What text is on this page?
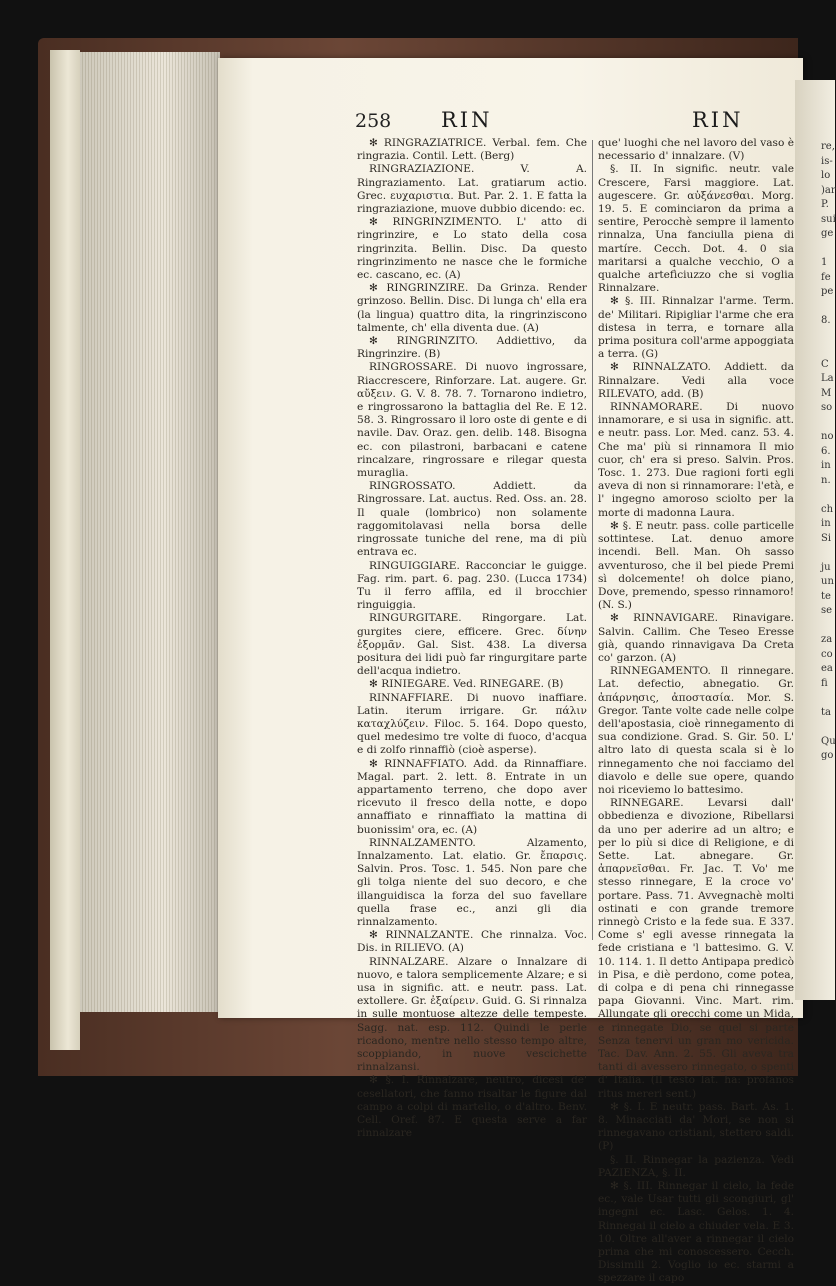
re,
is-
lo
)ar
P.
sui
ge

1
fe
pe

8.

C
La
M
so

no
6.
in
n.

ch
in
Si

ju
un
te
se

za
co
ea
fi

ta

Qu
go
258 RIN	RIN

✻ RINGRAZIATRICE. Verbal. fem. Che ringrazia. Contil. Lett. (Berg)

RINGRAZIAZIONE. V. A. Ringraziamento. Lat. gratiarum actio. Grec. ευχαριστια. But. Par. 2. 1. E fatta la ringraziazione, muove dubbio dicendo: ec.

✻ RINGRINZIMENTO. L' atto di ringrinzire, e Lo stato della cosa ringrinzita. Bellin. Disc. Da questo ringrinzimento ne nasce che le formiche ec. cascano, ec. (A)

✻ RINGRINZIRE. Da Grinza. Render grinzoso. Bellin. Disc. Di lunga ch' ella era (la lingua) quattro dita, la ringrinziscono talmente, ch' ella diventa due. (A)

✻ RINGRINZITO. Addiettivo, da Ringrinzire. (B)

RINGROSSARE. Di nuovo ingrossare, Riaccrescere, Rinforzare. Lat. augere. Gr. αὔξειν. G. V. 8. 78. 7. Tornarono indietro, e ringrossarono la battaglia del Re. E 12. 58. 3. Ringrossaro il loro oste di gente e di navile. Dav. Oraz. gen. delib. 148. Bisogna ec. con pilastroni, barbacani e catene rincalzare, ringrossare e rilegar questa muraglia.

RINGROSSATO. Addiett. da Ringrossare. Lat. auctus. Red. Oss. an. 28. Il quale (lombrico) non solamente raggomitolavasi nella borsa delle ringrossate tuniche del rene, ma di più entrava ec.

RINGUIGGIARE. Racconciar le guigge. Fag. rim. part. 6. pag. 230. (Lucca 1734) Tu il ferro affila, ed il brocchier ringuiggia.

RINGURGITARE. Ringorgare. Lat. gurgites ciere, efficere. Grec. δίνην ἐξορμᾶν. Gal. Sist. 438. La diversa positura dei lidi può far ringurgitare parte dell'acqua indietro.

✻ RINIEGARE. Ved. RINEGARE. (B)

RINNAFFIARE. Di nuovo inaffiare. Latin. iterum irrigare. Gr. πάλιν καταχλύζειν. Filoc. 5. 164. Dopo questo, quel medesimo tre volte di fuoco, d'acqua e di zolfo rinnaffiò (cioè asperse).

✻ RINNAFFIATO. Add. da Rinnaffiare. Magal. part. 2. lett. 8. Entrate in un appartamento terreno, che dopo aver ricevuto il fresco della notte, e dopo annaffiato e rinnaffiato la mattina di buonissim' ora, ec. (A)

RINNALZAMENTO. Alzamento, Innalzamento. Lat. elatio. Gr. ἔπαρσις. Salvin. Pros. Tosc. 1. 545. Non pare che gli tolga niente del suo decoro, e che illanguidisca la forza del suo favellare quella frase ec., anzi gli dia rinnalzamento.

✻ RINNALZANTE. Che rinnalza. Voc. Dis. in RILIEVO. (A)

RINNALZARE. Alzare o Innalzare di nuovo, e talora semplicemente Alzare; e si usa in signific. att. e neutr. pass. Lat. extollere. Gr. ἐξαίρειν. Guid. G. Si rinnalza in sulle montuose altezze delle tempeste. Sagg. nat. esp. 112. Quindi le perle ricadono, mentre nello stesso tempo altre, scoppiando, in nuove vescichette rinnalzansi.

✻ §. I. Rinnalzare, neutro, dicesi de' cesellatori, che fanno risaltar le figure dal campo a colpi di martello, o d'altro. Benv. Cell. Oref. 87. E questa serve a far rinnalzare

que' luoghi che nel lavoro del vaso è necessario d' innalzare. (V)

§. II. In signific. neutr. vale Crescere, Farsi maggiore. Lat. augescere. Gr. αὐξάνεσθαι. Morg. 19. 5. E cominciaron da prima a sentire, Perocchè sempre il lamento rinnalza, Una fanciulla piena di martíre. Cecch. Dot. 4. 0 sia maritarsi a qualche vecchio, O a qualche artefìciuzzo che si voglia Rinnalzare.

✻ §. III. Rinnalzar l'arme. Term. de' Militari. Ripigliar l'arme che era distesa in terra, e tornare alla prima positura coll'arme appoggiata a terra. (G)

✻ RINNALZATO. Addiett. da Rinnalzare. Vedi alla voce RILEVATO, add. (B)

RINNAMORARE. Di nuovo innamorare, e si usa in signific. att. e neutr. pass. Lor. Med. canz. 53. 4. Che ma' più si rinnamora Il mio cuor, ch' era si preso. Salvin. Pros. Tosc. 1. 273. Due ragioni forti egli aveva di non si rinnamorare: l'età, e l' ingegno amoroso sciolto per la morte di madonna Laura.

✻ §. E neutr. pass. colle particelle sottintese. Lat. denuo amore incendi. Bell. Man. Oh sasso avventuroso, che il bel piede Premi sì dolcemente! oh dolce piano, Dove, premendo, spesso rinnamoro! (N. S.)

✻ RINNAVIGARE. Rinavigare. Salvin. Callim. Che Teseo Eresse già, quando rinnavigava Da Creta co' garzon. (A)

RINNEGAMENTO. Il rinnegare. Lat. defectio, abnegatio. Gr. ἀπάρνησις, ἀποστασία. Mor. S. Gregor. Tante volte cade nelle colpe dell'apostasia, cioè rinnegamento di sua condizione. Grad. S. Gir. 50. L' altro lato di questa scala si è lo rinnegamento che noi facciamo del diavolo e delle sue opere, quando noi riceviemo lo battesimo.

RINNEGARE. Levarsi dall' obbedienza e divozione, Ribellarsi da uno per aderire ad un altro; e per lo più si dice di Religione, e di Sette. Lat. abnegare. Gr. ἀπαρνεῖσθαι. Fr. Jac. T. Vo' me stesso rinnegare, E la croce vo' portare. Pass. 71. Avvegnachè molti ostinati e con grande tremore rinnegò Cristo e la fede sua. E 337. Come s' egli avesse rinnegata la fede cristiana e 'l battesimo. G. V. 10. 114. 1. Il detto Antipapa predicò in Pisa, e diè perdono, come potea, di colpa e di pena chi rinnegasse papa Giovanni. Vinc. Mart. rim. Allungate gli orecchi come un Mida, e rinnegate Dio, se quel si parte Senza tenervi un gran mo vericida. Tac. Dav. Ann. 2. 55. Gli aveva tra tanti di avessero rinnegato, o spenti d' Italia. (Il testo lat. ha: profanos ritus mereri sent.)

✻ §. I. E neutr. pass. Bart. As. 1. 8. Minacciati da' Mori, se non si rinnegavano cristiani, stettero saldi. (P)

§. II. Rinnegar la pazienza. Vedi PAZIENZA, §. II.

✻ §. III. Rinnegar il cielo, la fede ec., vale Usar tutti gli scongiuri, gl' ingegni ec. Lasc. Gelos. 1. 4. Rinnegai il cielo a chiuder vela. E 3. 10. Oltre all'aver a rinnegar il cielo prima che mi conoscessero. Cecch. Dissimili 2. Voglio io ec. starmi a spezzare il capo
